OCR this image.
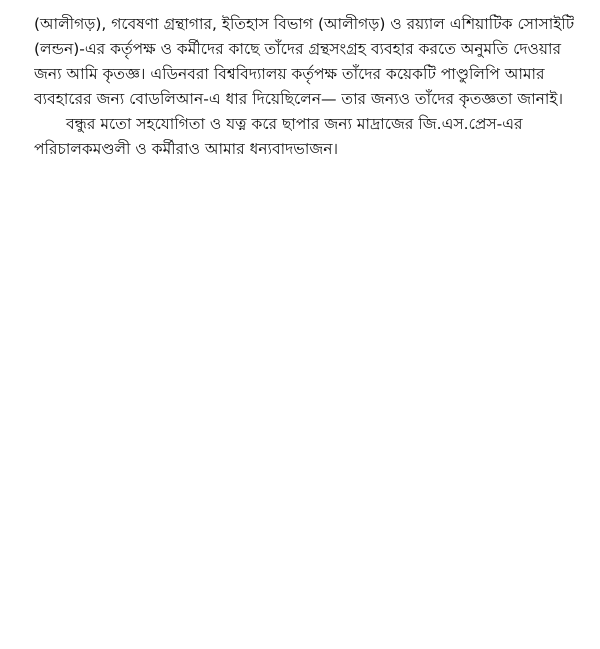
(আলীগড়), গবেষণা গ্রন্থাগার, ইতিহাস বিভাগ (আলীগড়) ও রয়্যাল এশিয়াটিক সোসাইটি
(লন্ডন)-এর কর্তৃপক্ষ ও কর্মীদের কাছে তাঁদের গ্রন্থসংগ্রহ ব্যবহার করতে অনুমতি দেওয়ার
জন্য আমি কৃতজ্ঞ। এডিনবরা বিশ্ববিদ্যালয় কর্তৃপক্ষ তাঁদের কয়েকটি পাণ্ডুলিপি আমার
ব্যবহারের জন্য বোডলিআন-এ ধার দিয়েছিলেন— তার জন্যও তাঁদের কৃতজ্ঞতা জানাই।
বন্ধুর মতো সহযোগিতা ও যত্ন করে ছাপার জন্য মাদ্রাজের জি.এস.প্রেস-এর
পরিচালকমণ্ডলী ও কর্মীরাও আমার ধন্যবাদভাজন।
